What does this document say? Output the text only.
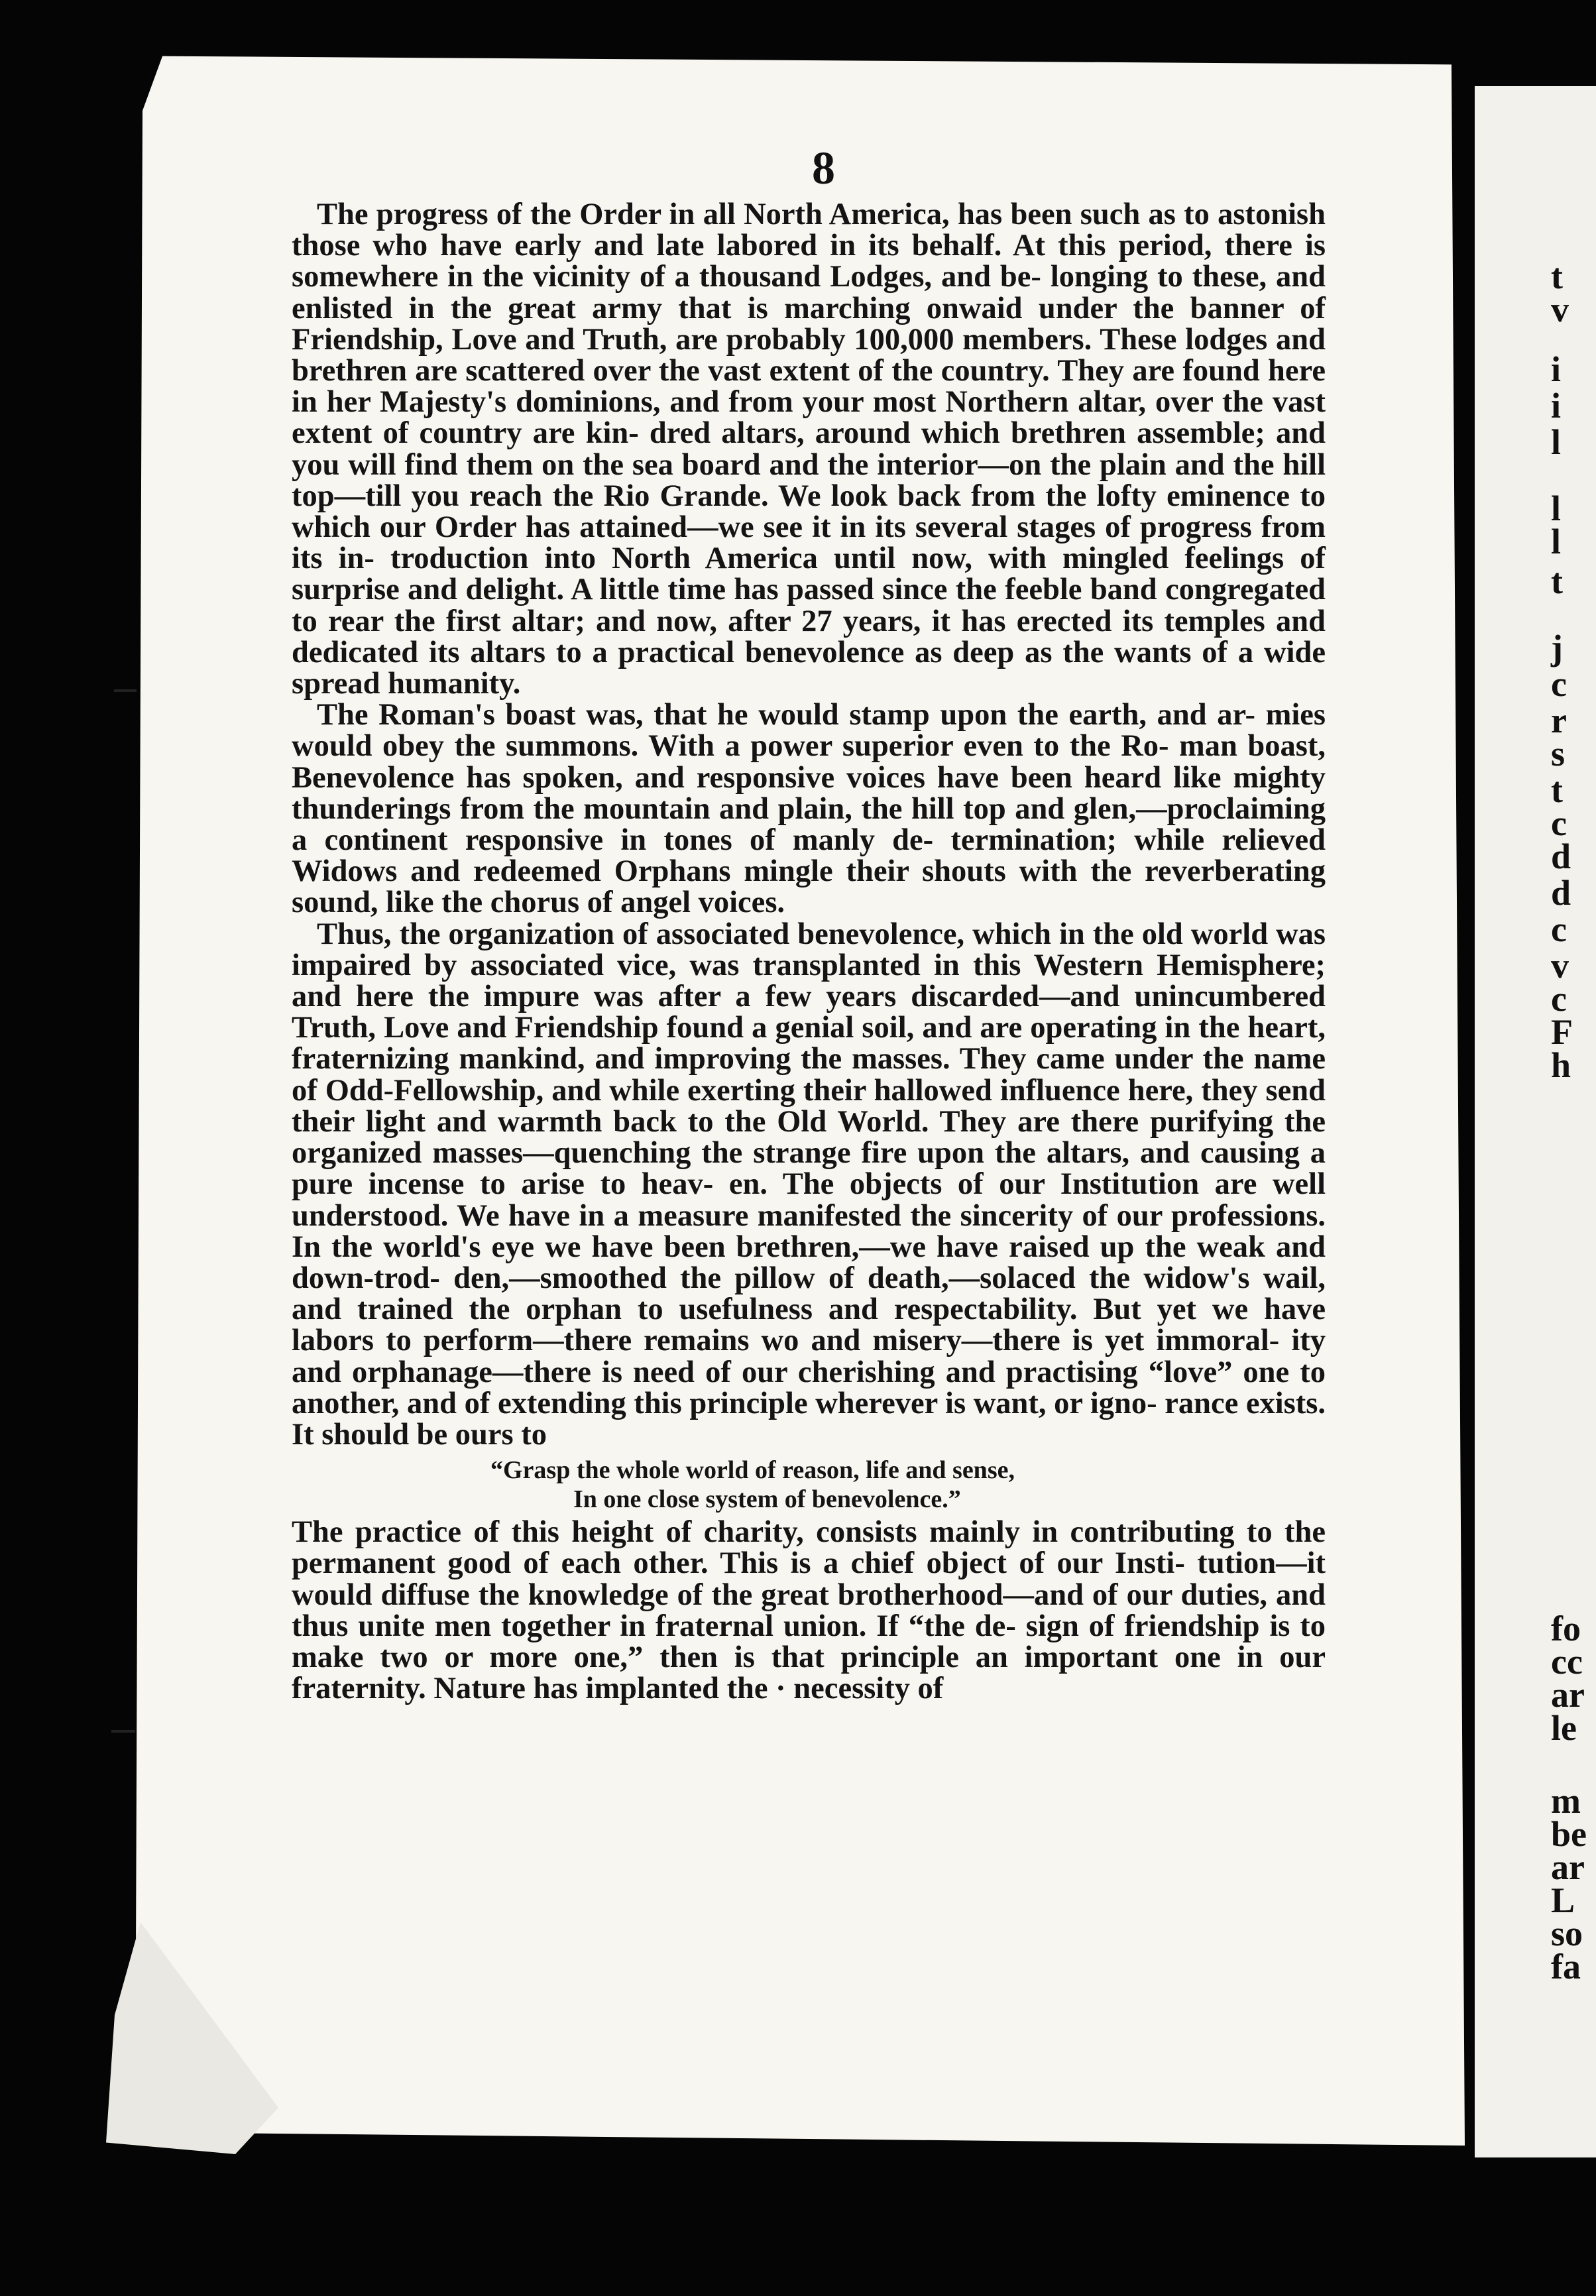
t
v
i
i
l
l
l
t
j
c
r
s
t
c
d
d
c
v
c
F
h
fo
cc
ar
le
m
be
ar
L
so
fa
8

The progress of the Order in all North America, has been such as to astonish those who have early and late labored in its behalf. At this period, there is somewhere in the vicinity of a thousand Lodges, and be- longing to these, and enlisted in the great army that is marching onwaid under the banner of Friendship, Love and Truth, are probably 100,000 members. These lodges and brethren are scattered over the vast extent of the country. They are found here in her Majesty's dominions, and from your most Northern altar, over the vast extent of country are kin- dred altars, around which brethren assemble; and you will find them on the sea board and the interior—on the plain and the hill top—till you reach the Rio Grande. We look back from the lofty eminence to which our Order has attained—we see it in its several stages of progress from its in- troduction into North America until now, with mingled feelings of surprise and delight. A little time has passed since the feeble band congregated to rear the first altar; and now, after 27 years, it has erected its temples and dedicated its altars to a practical benevolence as deep as the wants of a wide spread humanity.

The Roman's boast was, that he would stamp upon the earth, and ar- mies would obey the summons. With a power superior even to the Ro- man boast, Benevolence has spoken, and responsive voices have been heard like mighty thunderings from the mountain and plain, the hill top and glen,—proclaiming a continent responsive in tones of manly de- termination; while relieved Widows and redeemed Orphans mingle their shouts with the reverberating sound, like the chorus of angel voices.

Thus, the organization of associated benevolence, which in the old world was impaired by associated vice, was transplanted in this Western Hemisphere; and here the impure was after a few years discarded—and unincumbered Truth, Love and Friendship found a genial soil, and are operating in the heart, fraternizing mankind, and improving the masses. They came under the name of Odd-Fellowship, and while exerting their hallowed influence here, they send their light and warmth back to the Old World. They are there purifying the organized masses—quenching the strange fire upon the altars, and causing a pure incense to arise to heav- en. The objects of our Institution are well understood. We have in a measure manifested the sincerity of our professions. In the world's eye we have been brethren,—we have raised up the weak and down-trod- den,—smoothed the pillow of death,—solaced the widow's wail, and trained the orphan to usefulness and respectability. But yet we have labors to perform—there remains wo and misery—there is yet immoral- ity and orphanage—there is need of our cherishing and practising “love” one to another, and of extending this principle wherever is want, or igno- rance exists. It should be ours to

“Grasp the whole world of reason, life and sense,
In one close system of benevolence.”

The practice of this height of charity, consists mainly in contributing to the permanent good of each other. This is a chief object of our Insti- tution—it would diffuse the knowledge of the great brotherhood—and of our duties, and thus unite men together in fraternal union. If “the de- sign of friendship is to make two or more one,” then is that principle an important one in our fraternity. Nature has implanted the · necessity of
